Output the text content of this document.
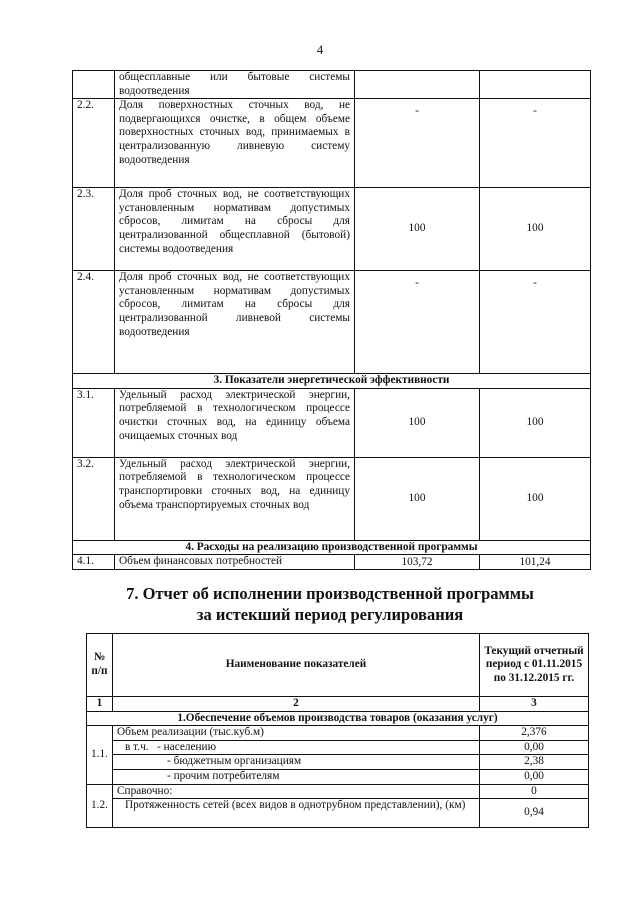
4
	общесплавные или бытовые системы водоотведения		
2.2.	Доля поверхностных сточных вод, не подвергающихся очистке, в общем объеме поверхностных сточных вод, принимаемых в централизованную ливневую систему водоотведения	-	-
2.3.	Доля проб сточных вод, не соответствующих установленным нормативам допустимых сбросов, лимитам на сбросы для централизованной общесплавной (бытовой) системы водоотведения	100	100
2.4.	Доля проб сточных вод, не соответствующих установленным нормативам допустимых сбросов, лимитам на сбросы для централизованной ливневой системы водоотведения	-	-
3. Показатели энергетической эффективности			
3.1.	Удельный расход электрической энергии, потребляемой в технологическом процессе очистки сточных вод, на единицу объема очищаемых сточных вод	100	100
3.2.	Удельный расход электрической энергии, потребляемой в технологическом процессе транспортировки сточных вод, на единицу объема транспортируемых сточных вод	100	100
4. Расходы на реализацию производственной программы			
4.1.	Объем финансовых потребностей	103,72	101,24
7. Отчет об исполнении производственной программы
за истекший период регулирования
№ п/п	Наименование показателей	Текущий отчетный период с 01.11.2015 по 31.12.2015 гг.
1	2	3
1.Обеспечение объемов производства товаров (оказания услуг)		
1.1.	Объем реализации (тыс.куб.м)	2,376
	в т.ч.   - населению	0,00
	- бюджетным организациям	2,38
	- прочим потребителям	0,00
1.2.	Справочно:	0
	Протяженность сетей (всех видов в однотрубном представлении), (км)	0,94
